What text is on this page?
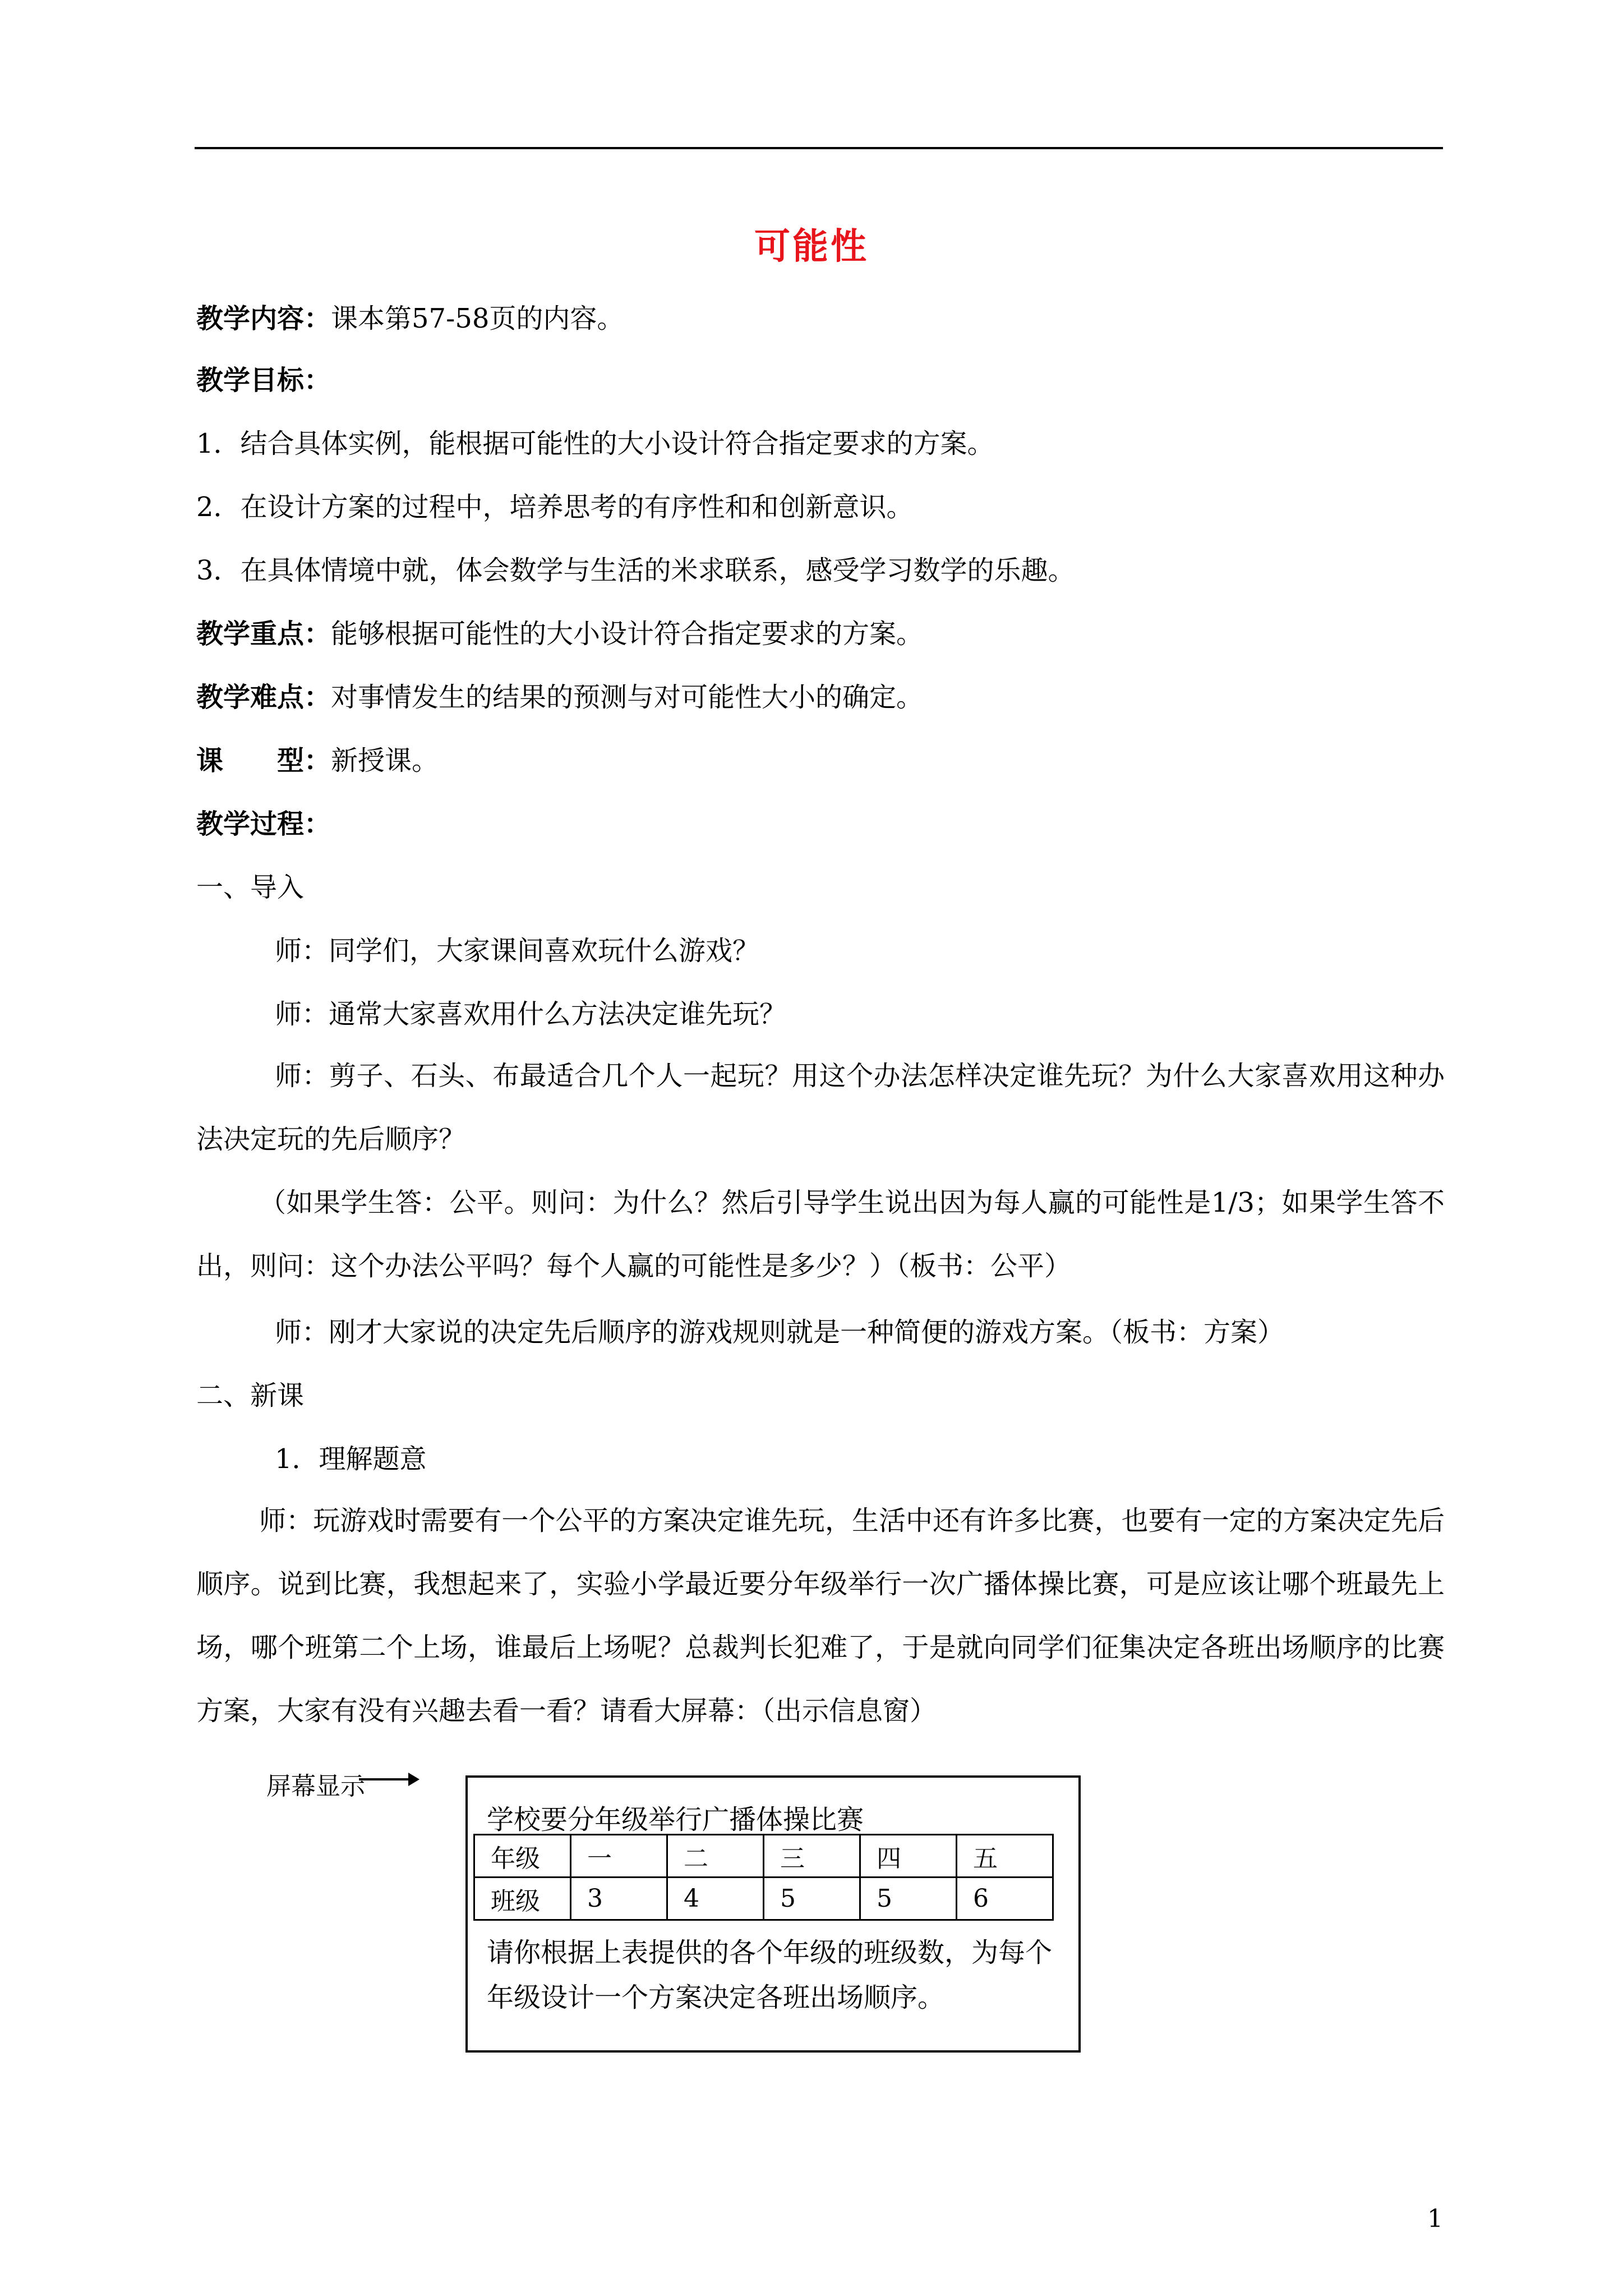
可能性
教学内容：课本第57-58页的内容。
教学目标：
1．结合具体实例，能根据可能性的大小设计符合指定要求的方案。
2．在设计方案的过程中，培养思考的有序性和和创新意识。
3．在具体情境中就，体会数学与生活的米求联系，感受学习数学的乐趣。
教学重点：能够根据可能性的大小设计符合指定要求的方案。
教学难点：对事情发生的结果的预测与对可能性大小的确定。
课　　型：新授课。
教学过程：
一、导入
师：同学们，大家课间喜欢玩什么游戏？
师：通常大家喜欢用什么方法决定谁先玩？
师：剪子、石头、布最适合几个人一起玩？用这个办法怎样决定谁先玩？为什么大家喜欢用这种办法决定玩的先后顺序？
（如果学生答：公平。则问：为什么？然后引导学生说出因为每人赢的可能性是1/3；如果学生答不出，则问：这个办法公平吗？每个人赢的可能性是多少？）（板书：公平）
师：刚才大家说的决定先后顺序的游戏规则就是一种简便的游戏方案。（板书：方案）
二、新课
1．理解题意
师：玩游戏时需要有一个公平的方案决定谁先玩，生活中还有许多比赛，也要有一定的方案决定先后顺序。说到比赛，我想起来了，实验小学最近要分年级举行一次广播体操比赛，可是应该让哪个班最先上场，哪个班第二个上场，谁最后上场呢？总裁判长犯难了，于是就向同学们征集决定各班出场顺序的比赛方案，大家有没有兴趣去看一看？请看大屏幕：（出示信息窗）
屏幕显示
学校要分年级举行广播体操比赛
年级	一	二	三	四	五
班级	3	4	5	5	6
请你根据上表提供的各个年级的班级数，为每个年级设计一个方案决定各班出场顺序。
1
